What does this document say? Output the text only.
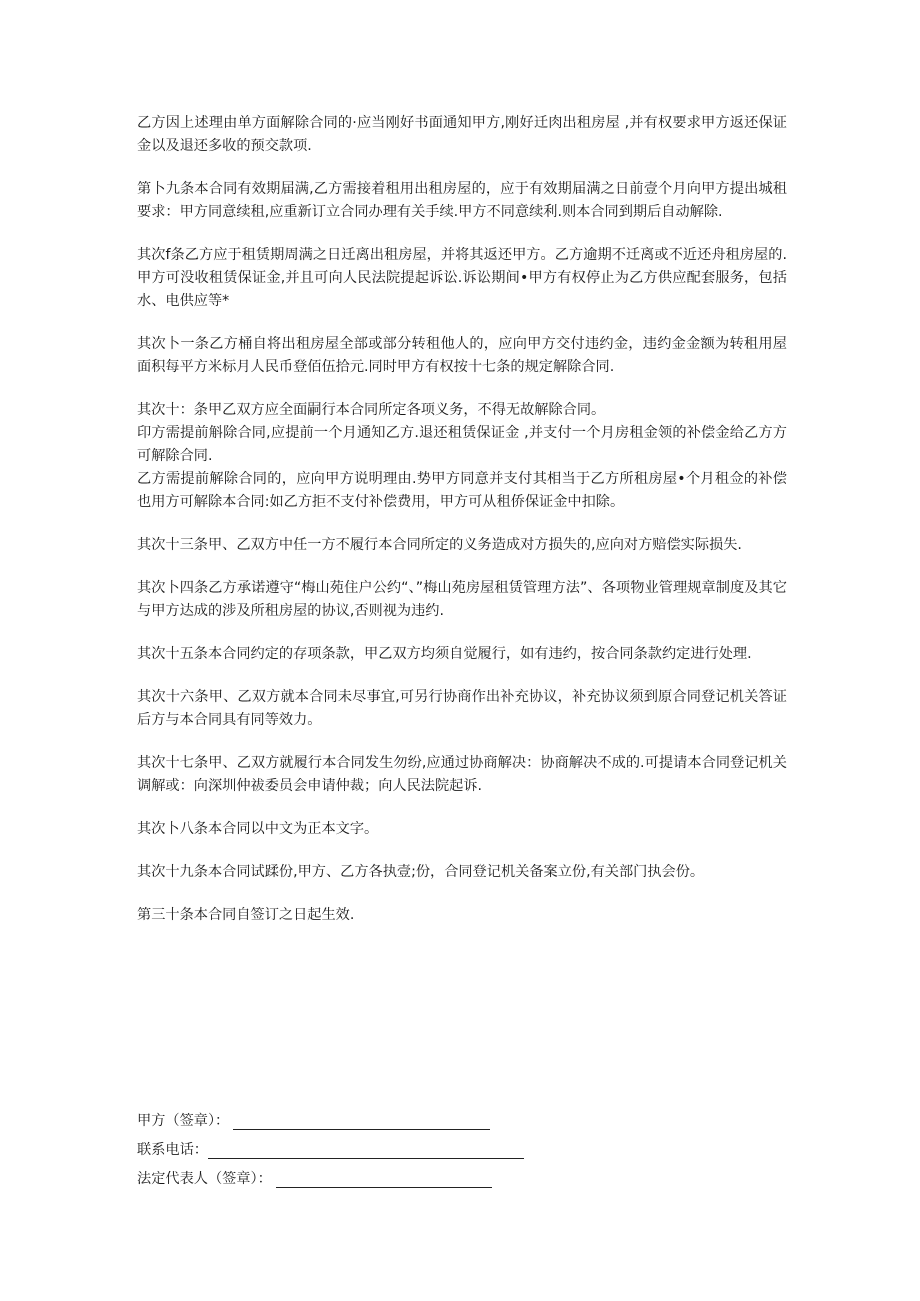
乙方因上述理由单方面解除合同的·应当刚好书面通知甲方,刚好迁肉出租房屋 ,并有权要求甲方返还保证金以及退还多收的预交款项.

第卜九条本合同有效期届满,乙方需接着租用出租房屋的，应于有效期届满之日前壹个月向甲方提出城租要求：甲方同意续租,应重新订立合同办理有关手续.甲方不同意续利.则本合同到期后自动解除.

其次f条乙方应于租赁期周满之日迁离出租房屋，并将其返还甲方。乙方逾期不迁离或不近还舟租房屋的.甲方可没收租赁保证金,并且可向人民法院提起诉讼.诉讼期间•甲方有权停止为乙方供应配套服务，包括水、电供应等*

其次卜一条乙方桶自将出租房屋全部或部分转租他人的，应向甲方交付违约金，违约金金额为转租用屋面积每平方米标月人民币登佰伍拾元.同时甲方有权按十七条的规定解除合同.

其次十：条甲乙双方应全面嗣行本合同所定各项义务，不得无故解除合同。

印方需提前斛除合同,应提前一个月通知乙方.退还租赁保证金 ,并支付一个月房租金领的补偿金给乙方方可解除合同.

乙方需提前解除合同的，应向甲方说明理由.势甲方同意并支付其相当于乙方所租房屋•个月租佥的补偿也用方可解除本合同:如乙方拒不支付补偿费用，甲方可从租侨保证金中扣除。

其次十三条甲、乙双方中任一方不履行本合同所定的义务造成对方损失的,应向对方赔偿实际损失.

其次卜四条乙方承诺遵守“梅山苑住户公约“、”梅山苑房屋租赁管理方法”、各项物业管理规章制度及其它与甲方达成的涉及所租房屋的协议,否则视为违约.

其次十五条本合同约定的存项条款，甲乙双方均须自觉履行，如有违约，按合同条款约定进行处理.

其次十六条甲、乙双方就本合同未尽事宜,可另行协商作出补充协议，补充协议须到原合同登记机关答证后方与本合同具有同等效力。

其次十七条甲、乙双方就履行本合同发生勿纷,应通过协商解决：协商解决不成的.可提请本合同登记机关调解或：向深圳仲祓委员会申请仲裁；向人民法院起诉.

其次卜八条本合同以中文为正本文字。

其次十九条本合同试蹂份,甲方、乙方各执壹;份，合同登记机关备案立份,有关部门执会份。

第三十条本合同自签订之日起生效.

甲方（签章）：
联系电话：
法定代表人（签章）：
